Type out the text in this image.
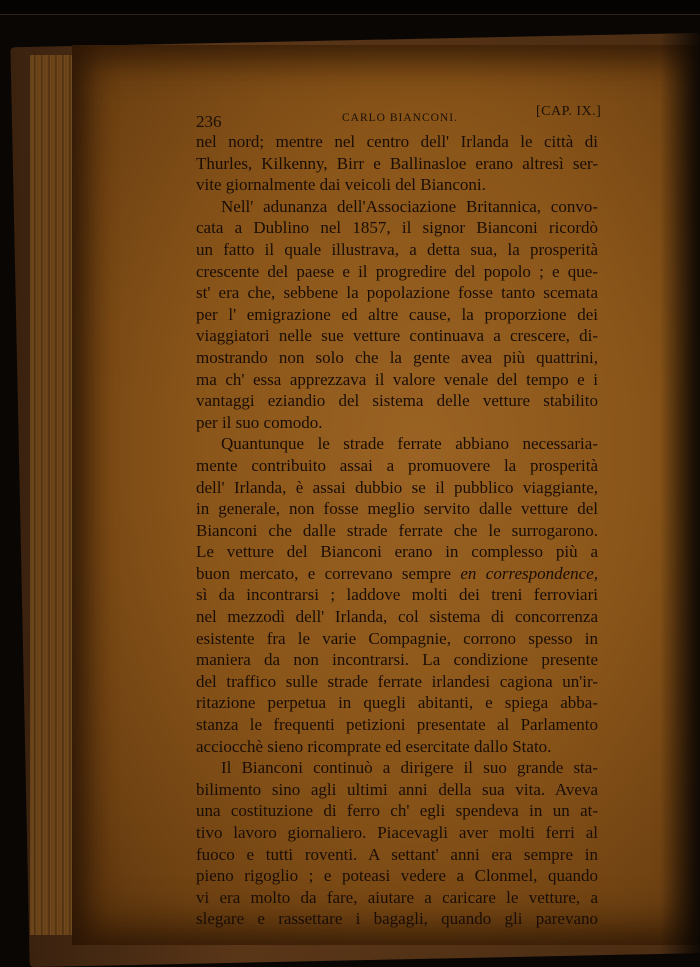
236	CARLO BIANCONI.	[CAP. IX.]
nel nord; mentre nel centro dell' Irlanda le città di
Thurles, Kilkenny, Birr e Ballinasloe erano altresì ser-
vite giornalmente dai veicoli del Bianconi.
Nell' adunanza dell'Associazione Britannica, convo-
cata a Dublino nel 1857, il signor Bianconi ricordò
un fatto il quale illustrava, a detta sua, la prosperità
crescente del paese e il progredire del popolo ; e que-
st' era che, sebbene la popolazione fosse tanto scemata
per l' emigrazione ed altre cause, la proporzione dei
viaggiatori nelle sue vetture continuava a crescere, di-
mostrando non solo che la gente avea più quattrini,
ma ch' essa apprezzava il valore venale del tempo e i
vantaggi eziandio del sistema delle vetture stabilito
per il suo comodo.
Quantunque le strade ferrate abbiano necessaria-
mente contribuito assai a promuovere la prosperità
dell' Irlanda, è assai dubbio se il pubblico viaggiante,
in generale, non fosse meglio servito dalle vetture del
Bianconi che dalle strade ferrate che le surrogarono.
Le vetture del Bianconi erano in complesso più a
buon mercato, e correvano sempre en correspondence,
sì da incontrarsi ; laddove molti dei treni ferroviari
nel mezzodì dell' Irlanda, col sistema di concorrenza
esistente fra le varie Compagnie, corrono spesso in
maniera da non incontrarsi. La condizione presente
del traffico sulle strade ferrate irlandesi cagiona un'ir-
ritazione perpetua in quegli abitanti, e spiega abba-
stanza le frequenti petizioni presentate al Parlamento
acciocchè sieno ricomprate ed esercitate dallo Stato.
Il Bianconi continuò a dirigere il suo grande sta-
bilimento sino agli ultimi anni della sua vita. Aveva
una costituzione di ferro ch' egli spendeva in un at-
tivo lavoro giornaliero. Piacevagli aver molti ferri al
fuoco e tutti roventi. A settant' anni era sempre in
pieno rigoglio ; e poteasi vedere a Clonmel, quando
vi era molto da fare, aiutare a caricare le vetture, a
slegare e rassettare i bagagli, quando gli parevano
